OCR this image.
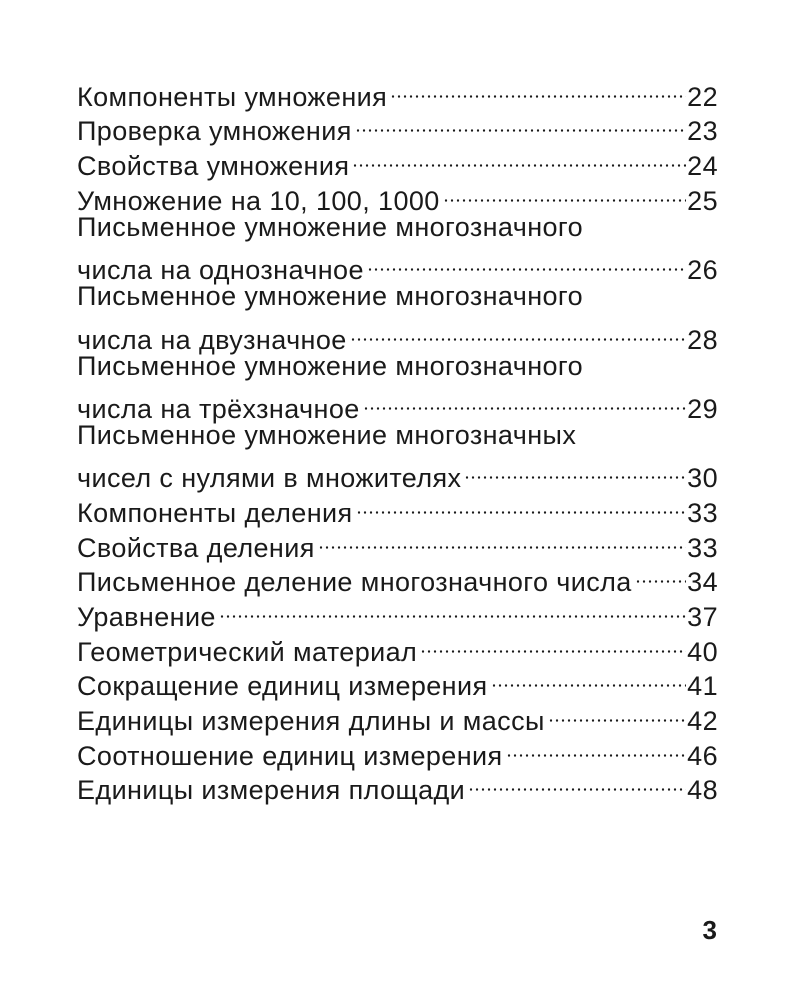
Компоненты умножения	22
Проверка умножения	23
Свойства умножения	24
Умножение на 10, 100, 1000	25
Письменное умножение многозначного
числа на однозначное	26
Письменное умножение многозначного
числа на двузначное	28
Письменное умножение многозначного
числа на трёхзначное	29
Письменное умножение многозначных
чисел с нулями в множителях	30
Компоненты деления	33
Свойства деления	33
Письменное деление многозначного числа 34
Уравнение	37
Геометрический материал	40
Сокращение единиц измерения	41
Единицы измерения длины и массы	42
Соотношение единиц измерения	46
Единицы измерения площади	48
3
